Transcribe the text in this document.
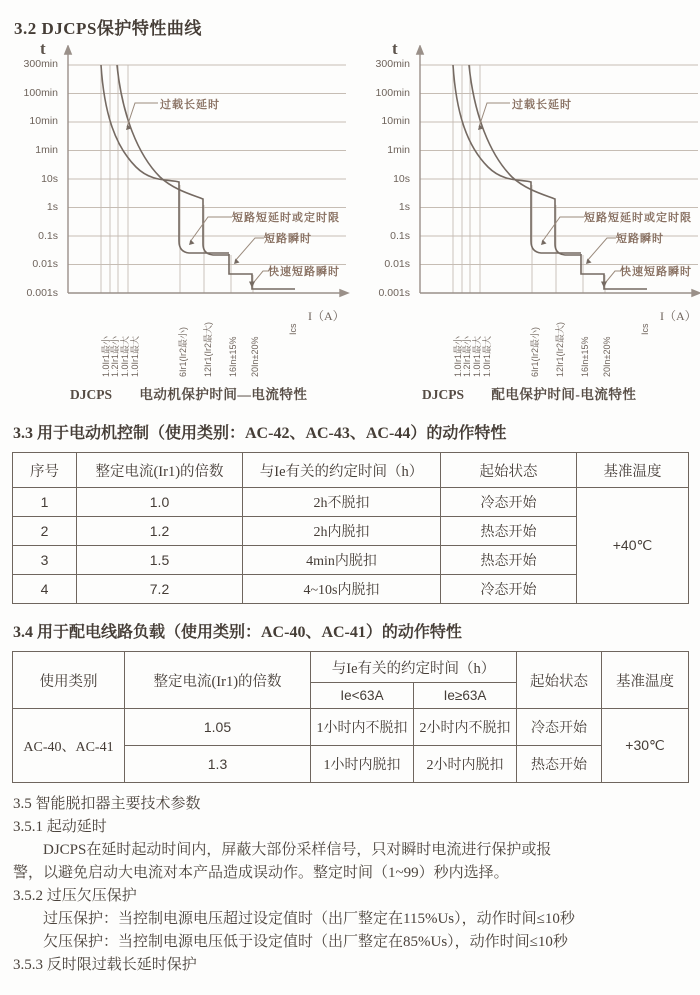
3.2 DJCPS保护特性曲线
t
300min
100min
10min
1min
10s
1s
0.1s
0.01s
0.001s
过载长延时
短路短延时或定时限
短路瞬时
快速短路瞬时
1.0Ir1最小 1.2Ir1最小 1.0Ir1最大 1.0Ir1最大	6Ir1(Ir2最小) 12Ir1(Ir2最大) 16In±15% 20In±20%
Ics
I（A）
DJCPS 电动机保护时间—电流特性
t
300min
100min
10min
1min
10s
1s
0.1s
0.01s
0.001s
过载长延时
短路短延时或定时限
短路瞬时
快速短路瞬时
1.0Ir1最小 1.2Ir1最小 1.0Ir1最大 1.0Ir1最大	6Ir1(Ir2最小) 12Ir1(Ir2最大) 16In±15% 20In±20%
Ics
I（A）
DJCPS 配电保护时间-电流特性
3.3 用于电动机控制（使用类别：AC-42、AC-43、AC-44）的动作特性
序号	整定电流(Ir1)的倍数	与Ie有关的约定时间（h）	起始状态	基准温度
1	1.0	2h不脱扣	冷态开始	+40℃
2	1.2	2h内脱扣	热态开始	
3	1.5	4min内脱扣	热态开始	
4	7.2	4~10s内脱扣	冷态开始	
3.4 用于配电线路负载（使用类别：AC-40、AC-41）的动作特性
使用类别	整定电流(Ir1)的倍数	与Ie有关的约定时间（h）		起始状态	基准温度
		Ie<63A	Ie≥63A		
AC-40、AC-41	1.05	1小时内不脱扣	2小时内不脱扣	冷态开始	+30℃
	1.3	1小时内脱扣	2小时内脱扣	热态开始	
3.5 智能脱扣器主要技术参数
3.5.1 起动延时
DJCPS在延时起动时间内，屏蔽大部份采样信号，只对瞬时电流进行保护或报
警，以避免启动大电流对本产品造成误动作。整定时间（1~99）秒内选择。
3.5.2 过压欠压保护
过压保护：当控制电源电压超过设定值时（出厂整定在115%Us），动作时间≤10秒
欠压保护：当控制电源电压低于设定值时（出厂整定在85%Us），动作时间≤10秒
3.5.3 反时限过载长延时保护
